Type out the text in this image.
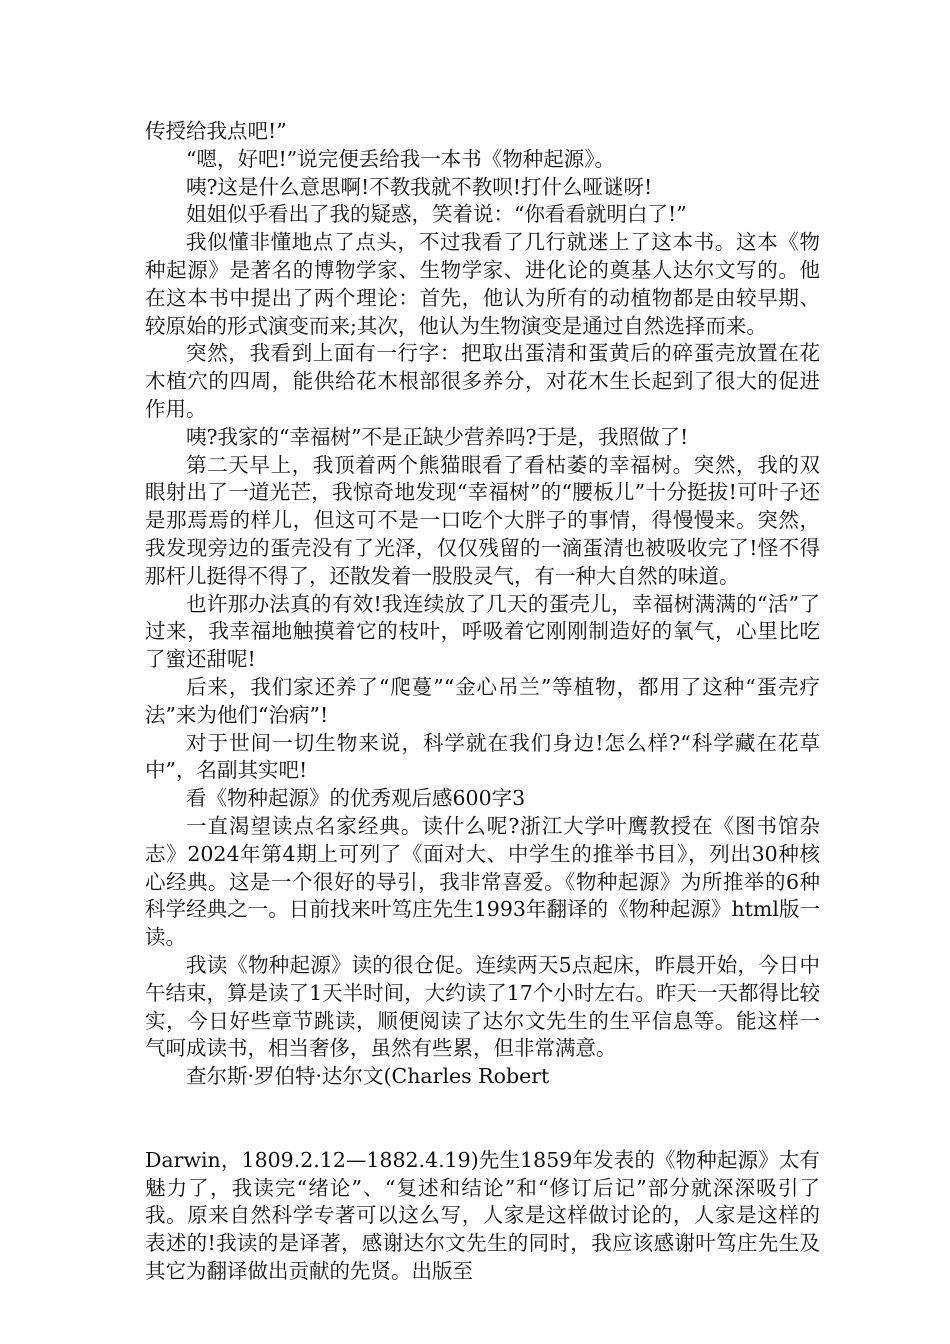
传授给我点吧!”

“嗯，好吧!”说完便丢给我一本书《物种起源》。

咦?这是什么意思啊!不教我就不教呗!打什么哑谜呀!

姐姐似乎看出了我的疑惑，笑着说：“你看看就明白了!”

我似懂非懂地点了点头，不过我看了几行就迷上了这本书。这本《物种起源》是著名的博物学家、生物学家、进化论的奠基人达尔文写的。他在这本书中提出了两个理论：首先，他认为所有的动植物都是由较早期、较原始的形式演变而来;其次，他认为生物演变是通过自然选择而来。

突然，我看到上面有一行字：把取出蛋清和蛋黄后的碎蛋壳放置在花木植穴的四周，能供给花木根部很多养分，对花木生长起到了很大的促进作用。

咦?我家的“幸福树”不是正缺少营养吗?于是，我照做了!

第二天早上，我顶着两个熊猫眼看了看枯萎的幸福树。突然，我的双眼射出了一道光芒，我惊奇地发现“幸福树”的“腰板儿”十分挺拔!可叶子还是那焉焉的样儿，但这可不是一口吃个大胖子的事情，得慢慢来。突然，我发现旁边的蛋壳没有了光泽，仅仅残留的一滴蛋清也被吸收完了!怪不得那杆儿挺得不得了，还散发着一股股灵气，有一种大自然的味道。

也许那办法真的有效!我连续放了几天的蛋壳儿，幸福树满满的“活”了过来，我幸福地触摸着它的枝叶，呼吸着它刚刚制造好的氧气，心里比吃了蜜还甜呢!

后来，我们家还养了“爬蔓”“金心吊兰”等植物，都用了这种“蛋壳疗法”来为他们“治病”!

对于世间一切生物来说，科学就在我们身边!怎么样?“科学藏在花草中”，名副其实吧!

看《物种起源》的优秀观后感600字3

一直渴望读点名家经典。读什么呢?浙江大学叶鹰教授在《图书馆杂志》2024年第4期上可列了《面对大、中学生的推举书目》，列出30种核心经典。这是一个很好的导引，我非常喜爱。《物种起源》为所推举的6种科学经典之一。日前找来叶笃庄先生1993年翻译的《物种起源》html版一读。

我读《物种起源》读的很仓促。连续两天5点起床，昨晨开始，今日中午结束，算是读了1天半时间，大约读了17个小时左右。昨天一天都得比较实，今日好些章节跳读，顺便阅读了达尔文先生的生平信息等。能这样一气呵成读书，相当奢侈，虽然有些累，但非常满意。

查尔斯·罗伯特·达尔文(Charles Robert

Darwin，1809.2.12—1882.4.19)先生1859年发表的《物种起源》太有魅力了，我读完“绪论”、“复述和结论”和“修订后记”部分就深深吸引了我。原来自然科学专著可以这么写，人家是这样做讨论的，人家是这样的表述的!我读的是译著，感谢达尔文先生的同时，我应该感谢叶笃庄先生及其它为翻译做出贡献的先贤。出版至
